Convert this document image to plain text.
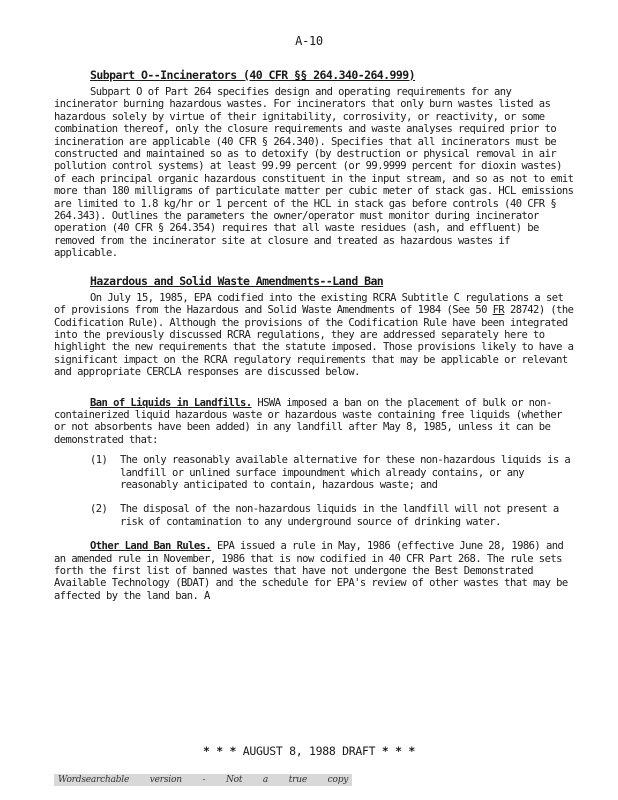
A-10
Subpart O--Incinerators (40 CFR §§ 264.340-264.999)

Subpart O of Part 264 specifies design and operating requirements for any incinerator burning hazardous wastes. For incinerators that only burn wastes listed as hazardous solely by virtue of their ignitability, corrosivity, or reactivity, or some combination thereof, only the closure requirements and waste analyses required prior to incineration are applicable (40 CFR § 264.340). Specifies that all incinerators must be constructed and maintained so as to detoxify (by destruction or physical removal in air pollution control systems) at least 99.99 percent (or 99.9999 percent for dioxin wastes) of each principal organic hazardous constituent in the input stream, and so as not to emit more than 180 milligrams of particulate matter per cubic meter of stack gas. HCL emissions are limited to 1.8 kg/hr or 1 percent of the HCL in stack gas before controls (40 CFR § 264.343). Outlines the parameters the owner/operator must monitor during incinerator operation (40 CFR § 264.354) requires that all waste residues (ash, and effluent) be removed from the incinerator site at closure and treated as hazardous wastes if applicable.

Hazardous and Solid Waste Amendments--Land Ban

On July 15, 1985, EPA codified into the existing RCRA Subtitle C regulations a set of provisions from the Hazardous and Solid Waste Amendments of 1984 (See 50 FR 28742) (the Codification Rule). Although the provisions of the Codification Rule have been integrated into the previously discussed RCRA regulations, they are addressed separately here to highlight the new requirements that the statute imposed. Those provisions likely to have a significant impact on the RCRA regulatory requirements that may be applicable or relevant and appropriate CERCLA responses are discussed below.

Ban of Liquids in Landfills. HSWA imposed a ban on the placement of bulk or non-containerized liquid hazardous waste or hazardous waste containing free liquids (whether or not absorbents have been added) in any landfill after May 8, 1985, unless it can be demonstrated that:

(1) The only reasonably available alternative for these non-hazardous liquids is a landfill or unlined surface impoundment which already contains, or any reasonably anticipated to contain, hazardous waste; and
(2) The disposal of the non-hazardous liquids in the landfill will not present a risk of contamination to any underground source of drinking water.

Other Land Ban Rules. EPA issued a rule in May, 1986 (effective June 28, 1986) and an amended rule in November, 1986 that is now codified in 40 CFR Part 268. The rule sets forth the first list of banned wastes that have not undergone the Best Demonstrated Available Technology (BDAT) and the schedule for EPA's review of other wastes that may be affected by the land ban. A

* * * AUGUST 8, 1988 DRAFT * * *
Wordsearchable version - Not a true copy
